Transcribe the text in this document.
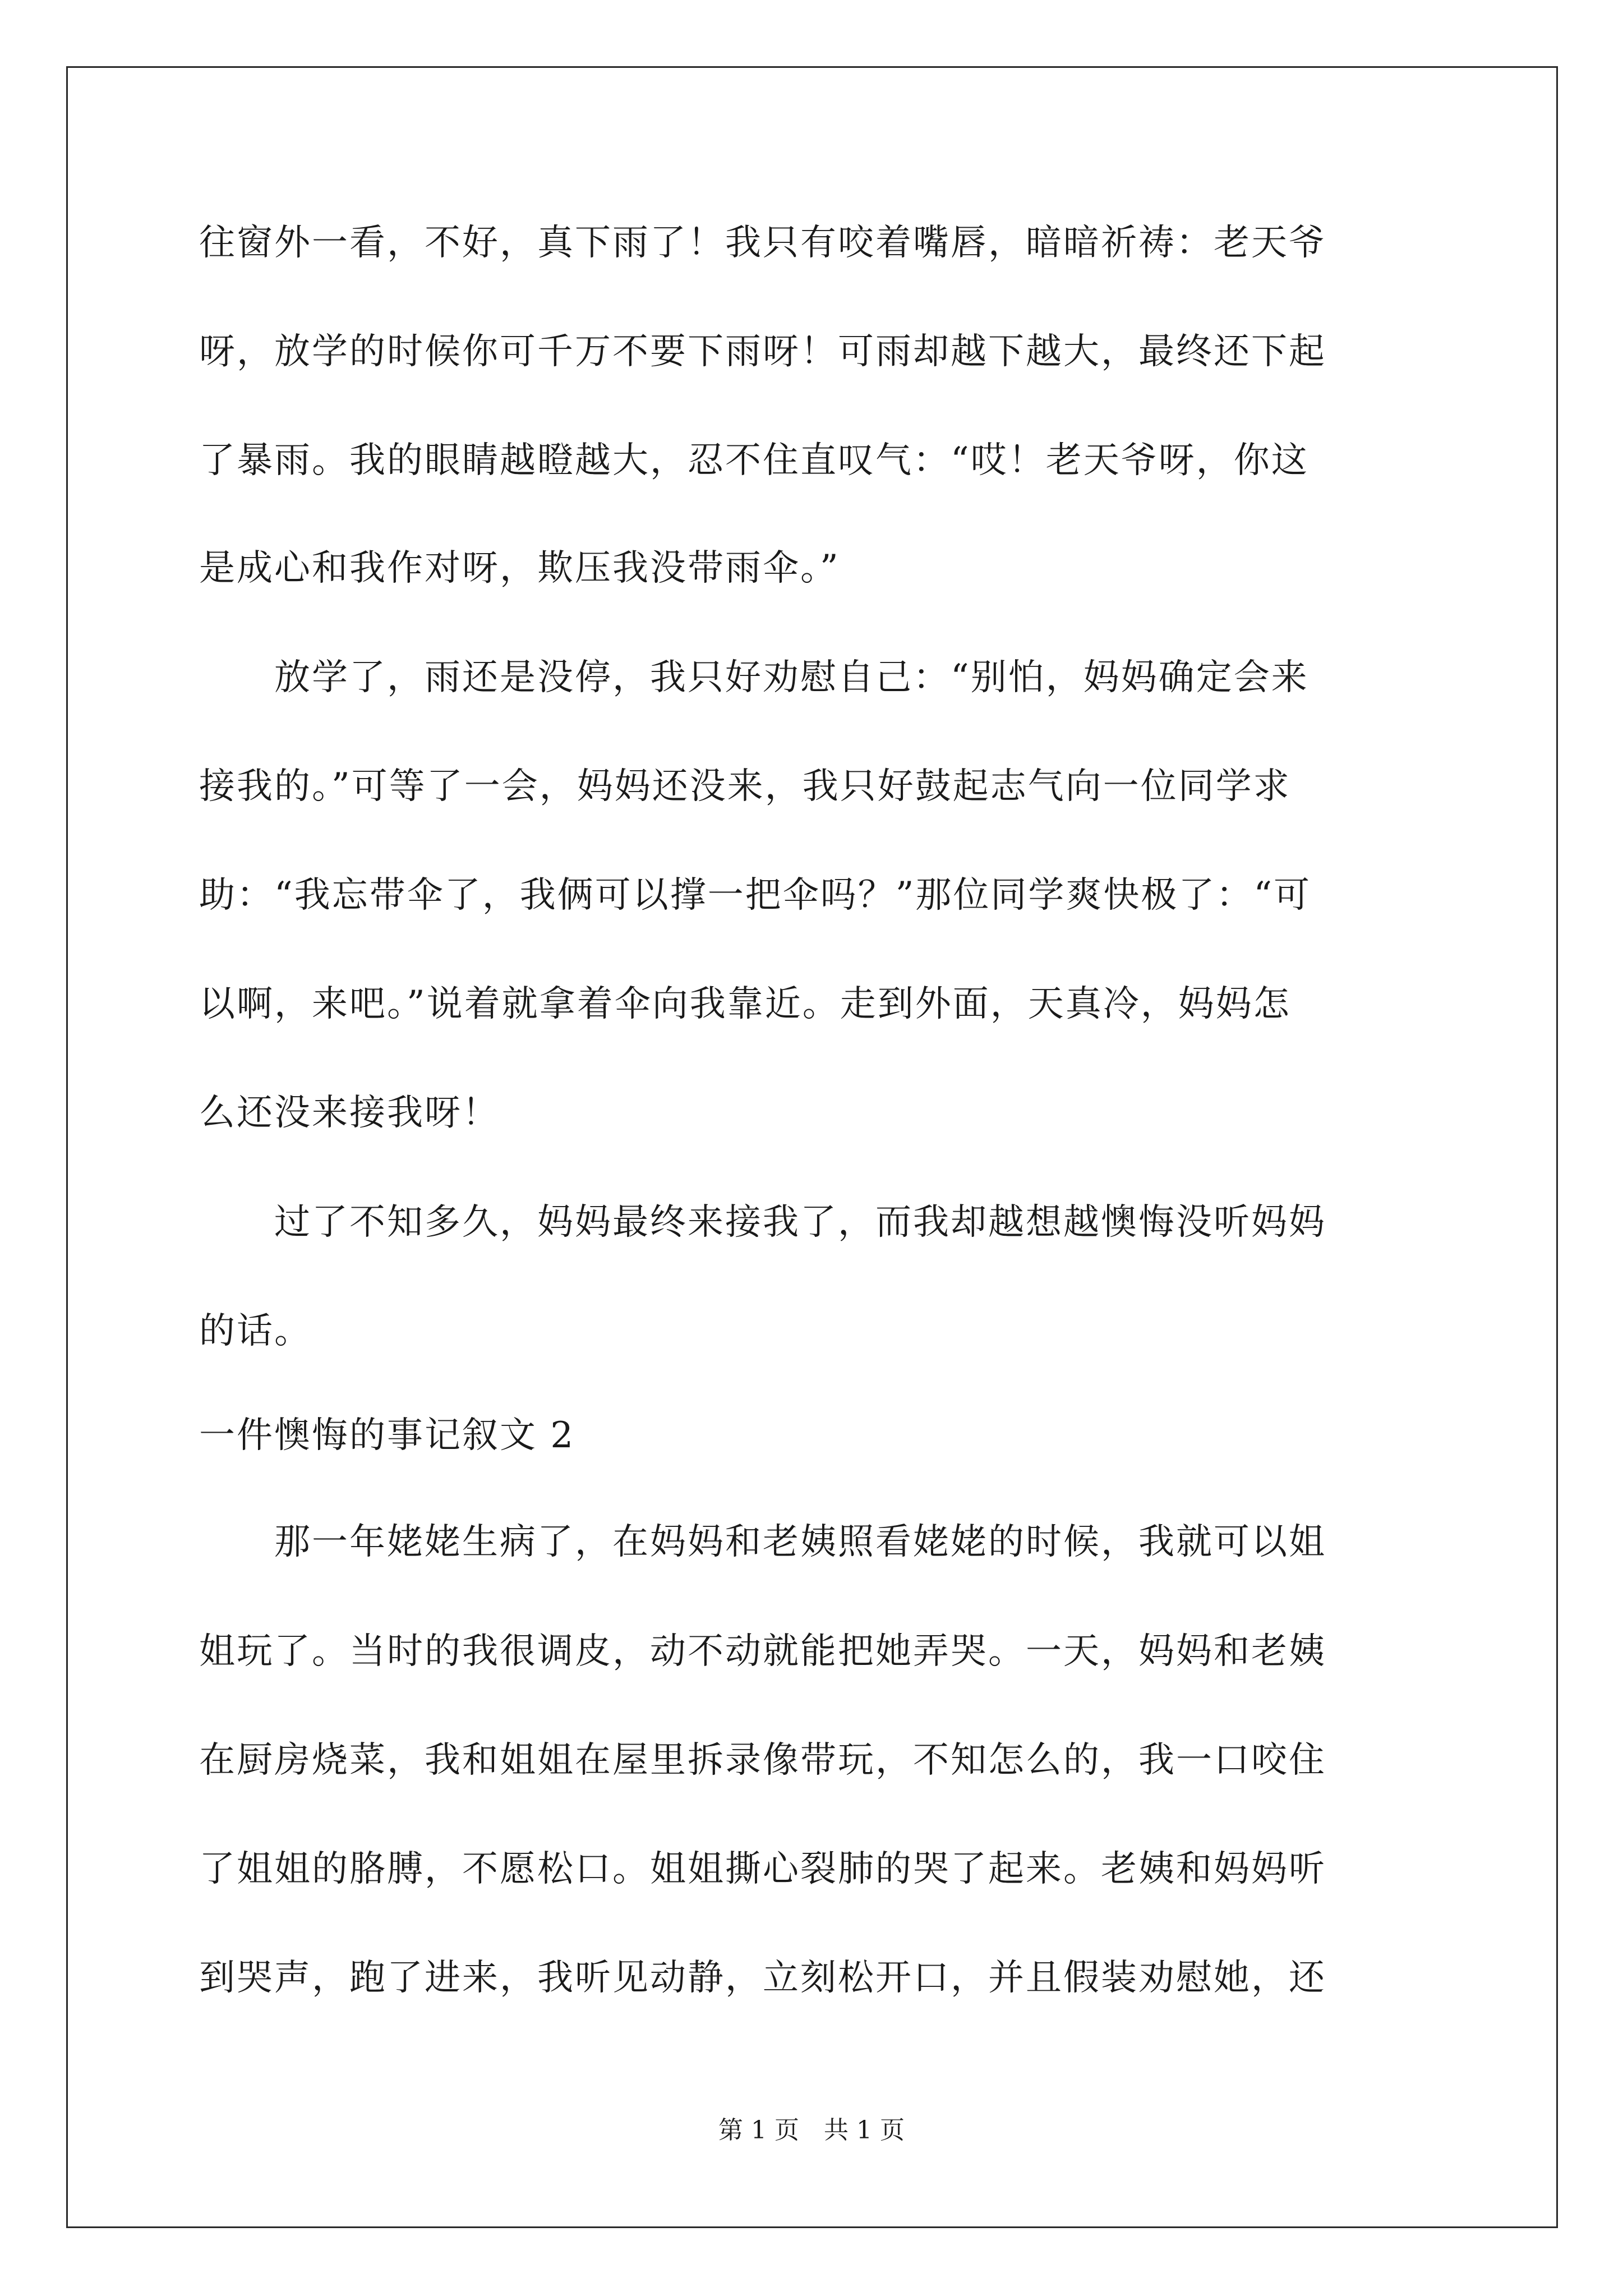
往窗外一看，不好，真下雨了！我只有咬着嘴唇，暗暗祈祷：老天爷
呀，放学的时候你可千万不要下雨呀！可雨却越下越大，最终还下起
了暴雨。我的眼睛越瞪越大，忍不住直叹气：“哎！老天爷呀，你这
是成心和我作对呀，欺压我没带雨伞。”
　　放学了，雨还是没停，我只好劝慰自己：“别怕，妈妈确定会来
接我的。”可等了一会，妈妈还没来，我只好鼓起志气向一位同学求
助：“我忘带伞了，我俩可以撑一把伞吗？”那位同学爽快极了：“可
以啊，来吧。”说着就拿着伞向我靠近。走到外面，天真冷，妈妈怎
么还没来接我呀！
　　过了不知多久，妈妈最终来接我了，而我却越想越懊悔没听妈妈
的话。
一件懊悔的事记叙文 2
　　那一年姥姥生病了，在妈妈和老姨照看姥姥的时候，我就可以姐
姐玩了。当时的我很调皮，动不动就能把她弄哭。一天，妈妈和老姨
在厨房烧菜，我和姐姐在屋里拆录像带玩，不知怎么的，我一口咬住
了姐姐的胳膊，不愿松口。姐姐撕心裂肺的哭了起来。老姨和妈妈听
到哭声，跑了进来，我听见动静，立刻松开口，并且假装劝慰她，还
第 1 页　共 1 页
